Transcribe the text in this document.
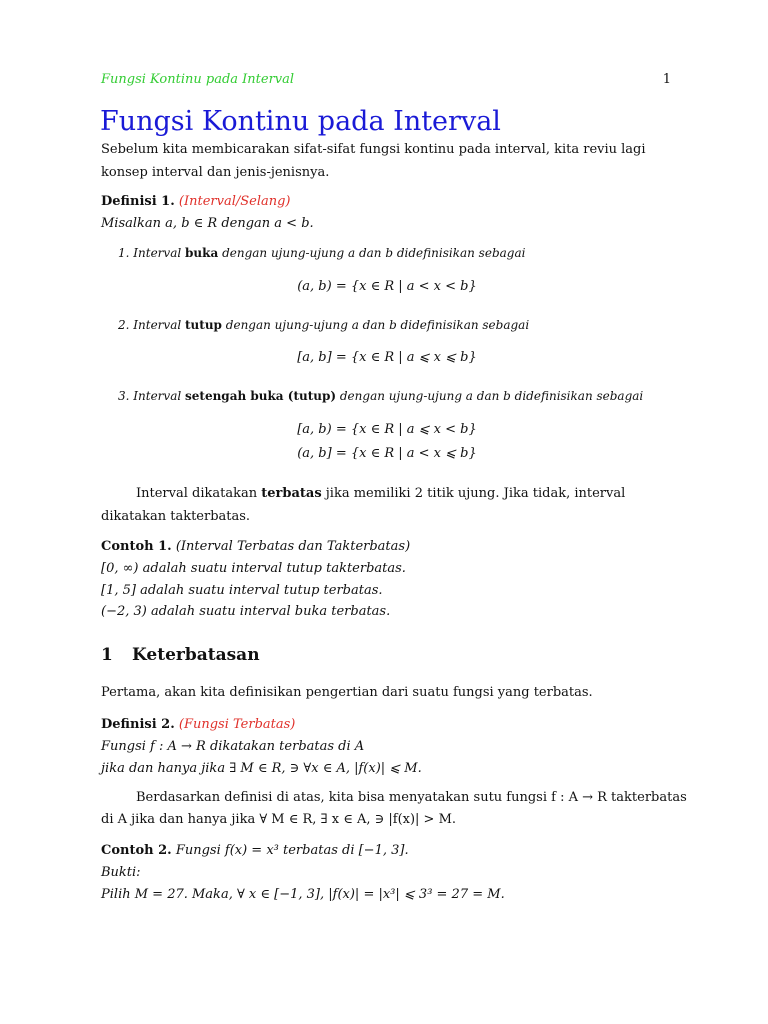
Fungsi Kontinu pada Interval	1
Fungsi Kontinu pada Interval
Sebelum kita membicarakan sifat-sifat fungsi kontinu pada interval, kita reviu lagi konsep interval dan jenis-jenisnya.
Definisi 1. (Interval/Selang)
Misalkan a, b ∈ R dengan a < b.
1. Interval buka dengan ujung-ujung a dan b didefinisikan sebagai
(a, b) = {x ∈ R | a < x < b}
2. Interval tutup dengan ujung-ujung a dan b didefinisikan sebagai
[a, b] = {x ∈ R | a ⩽ x ⩽ b}
3. Interval setengah buka (tutup) dengan ujung-ujung a dan b didefinisikan sebagai
[a, b) = {x ∈ R | a ⩽ x < b}
(a, b] = {x ∈ R | a < x ⩽ b}
Interval dikatakan terbatas jika memiliki 2 titik ujung. Jika tidak, interval dikatakan takterbatas.
Contoh 1. (Interval Terbatas dan Takterbatas)
[0, ∞) adalah suatu interval tutup takterbatas.
[1, 5] adalah suatu interval tutup terbatas.
(−2, 3) adalah suatu interval buka terbatas.
1 Keterbatasan
Pertama, akan kita definisikan pengertian dari suatu fungsi yang terbatas.
Definisi 2. (Fungsi Terbatas)
Fungsi f : A → R dikatakan terbatas di A
jika dan hanya jika ∃ M ∈ R, ∋ ∀x ∈ A, |f(x)| ⩽ M.
Berdasarkan definisi di atas, kita bisa menyatakan sutu fungsi f : A → R takterbatas
di A jika dan hanya jika ∀ M ∈ R, ∃ x ∈ A, ∋ |f(x)| > M.
Contoh 2. Fungsi f(x) = x³ terbatas di [−1, 3].
Bukti:
Pilih M = 27. Maka, ∀ x ∈ [−1, 3], |f(x)| = |x³| ⩽ 3³ = 27 = M.
